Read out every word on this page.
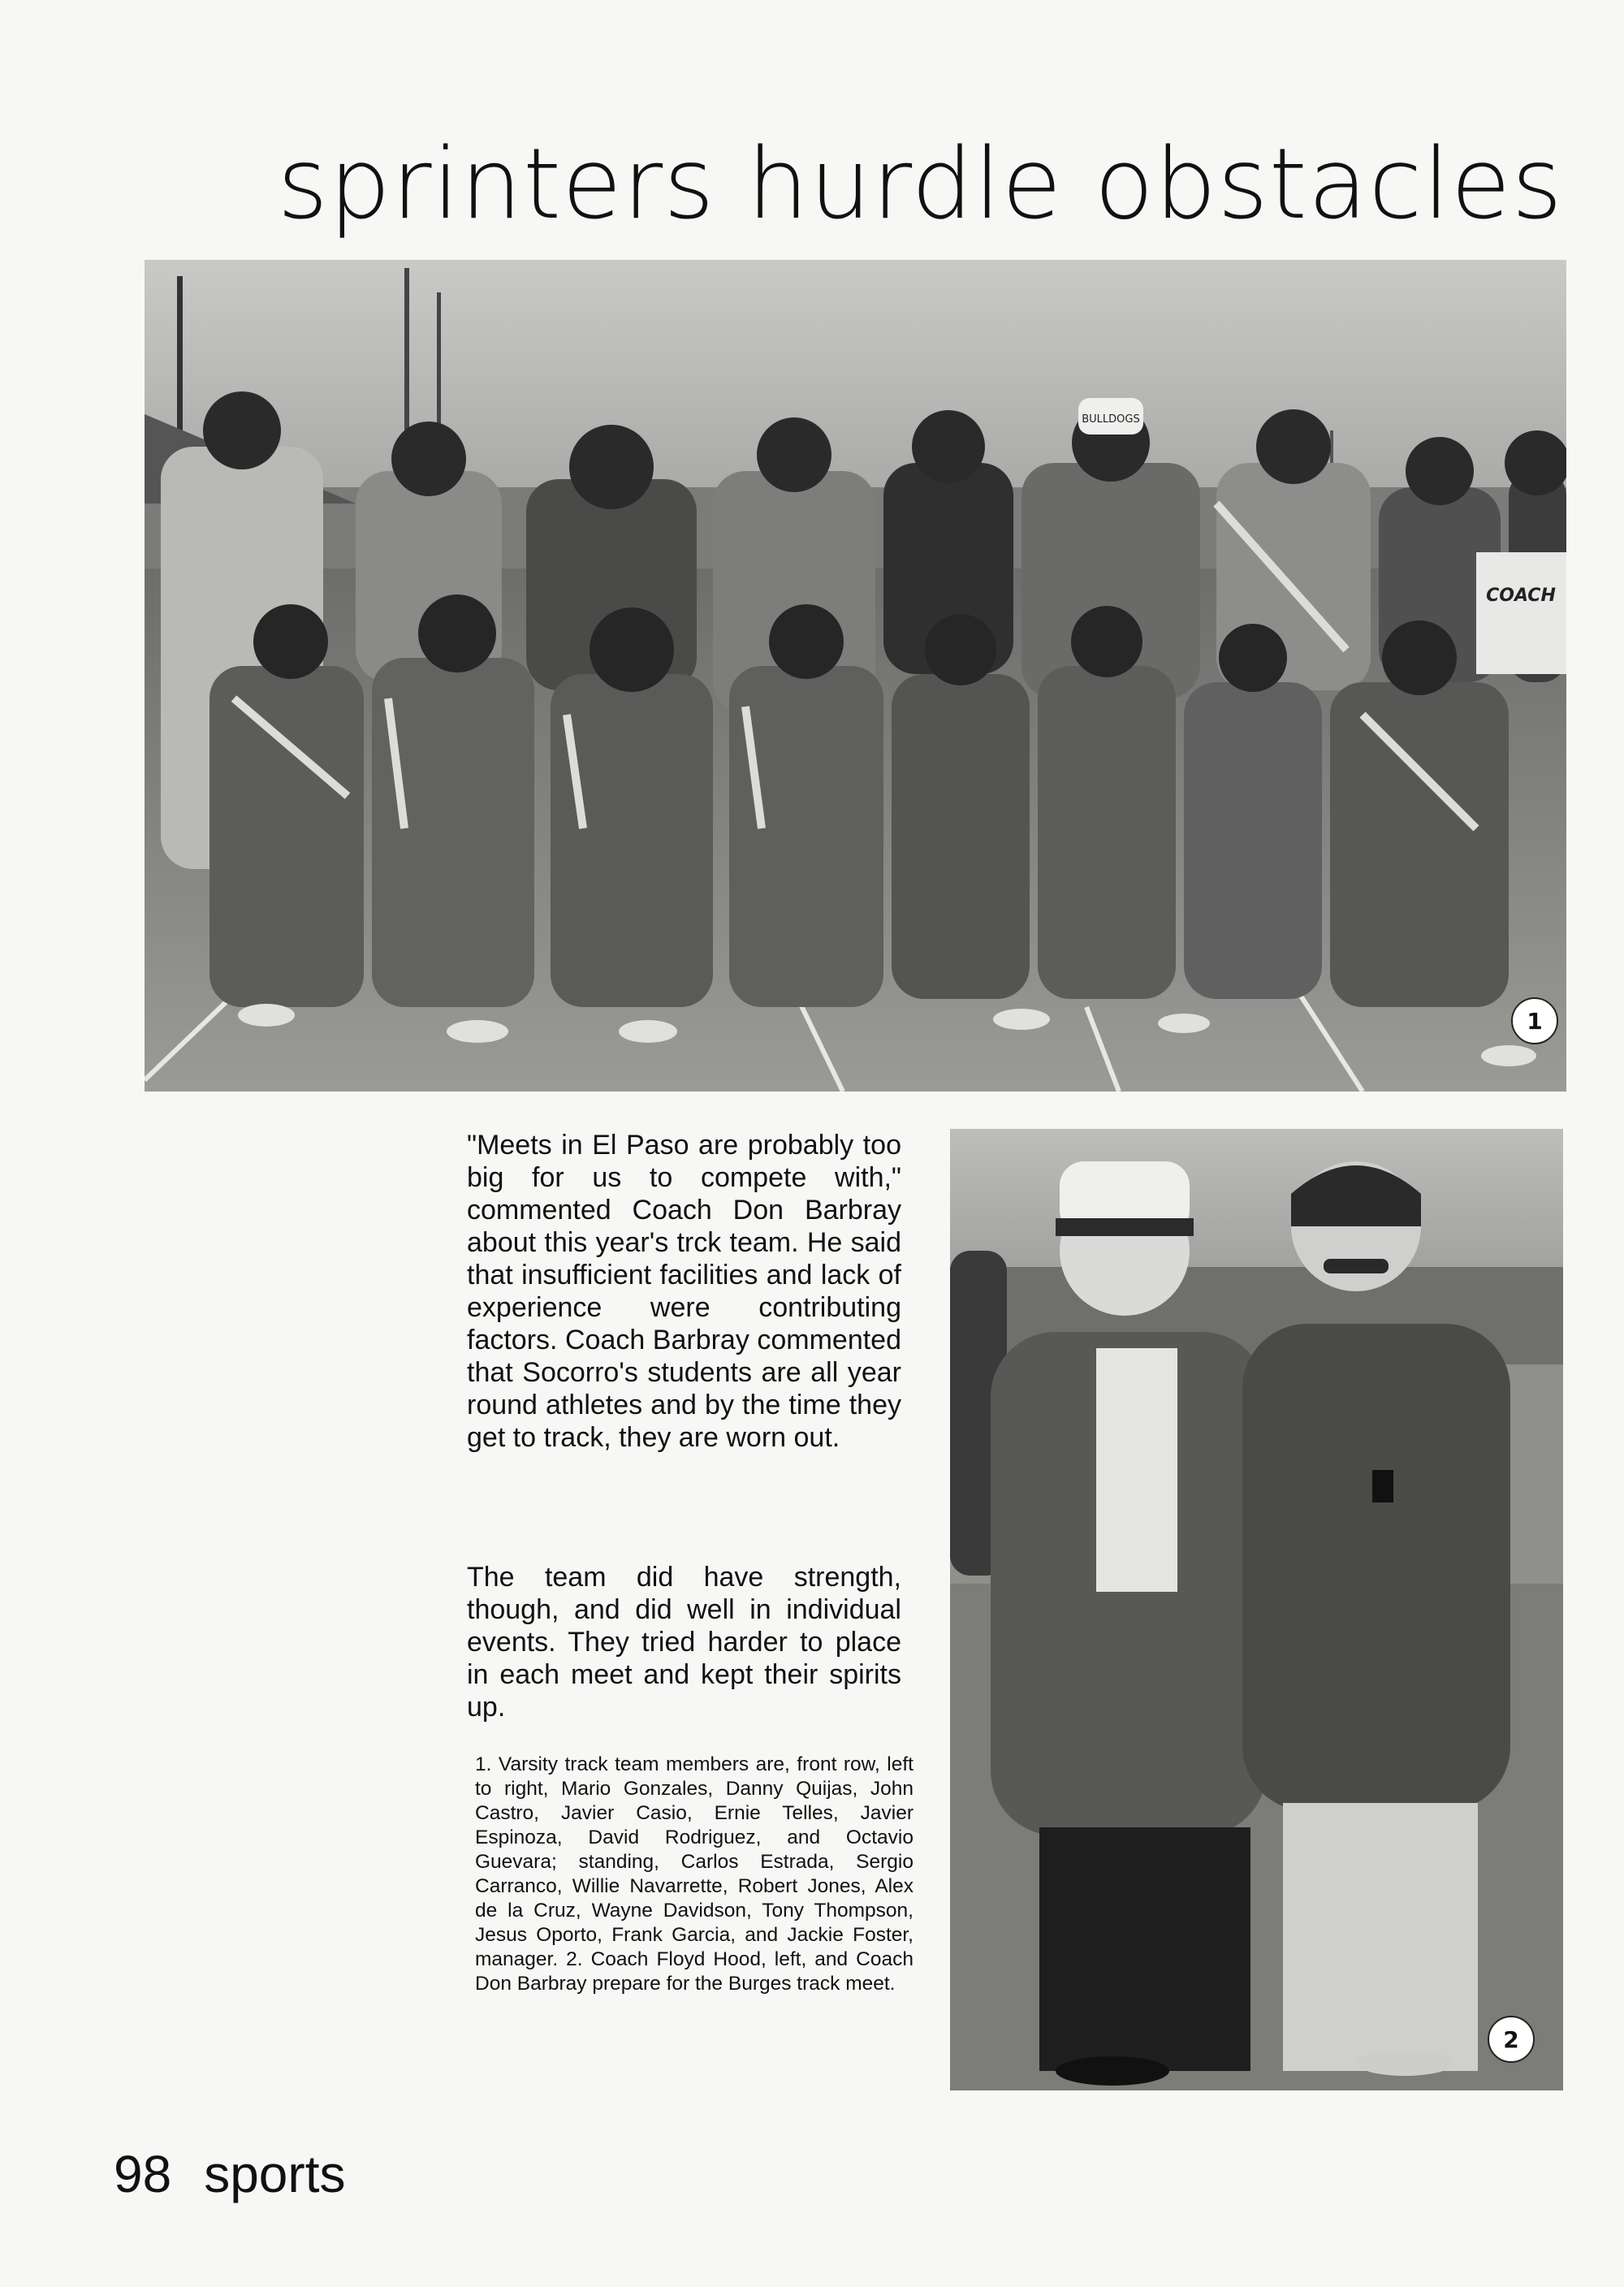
sprinters hurdle obstacles
BULLDOGS
COACH
1

"Meets in El Paso are probably too big for us to compete with," commented Coach Don Barbray about this year's trck team. He said that insufficient facilities and lack of experience were contributing factors. Coach Barbray commented that Socorro's students are all year round athletes and by the time they get to track, they are worn out.

The team did have strength, though, and did well in individual events. They tried harder to place in each meet and kept their spirits up.

1. Varsity track team members are, front row, left to right, Mario Gonzales, Danny Quijas, John Castro, Javier Casio, Ernie Telles, Javier Espinoza, David Rodriguez, and Octavio Guevara; standing, Carlos Estrada, Sergio Carranco, Willie Navarrette, Robert Jones, Alex de la Cruz, Wayne Davidson, Tony Thompson, Jesus Oporto, Frank Garcia, and Jackie Foster, manager. 2. Coach Floyd Hood, left, and Coach Don Barbray prepare for the Burges track meet.

2
98 sports
